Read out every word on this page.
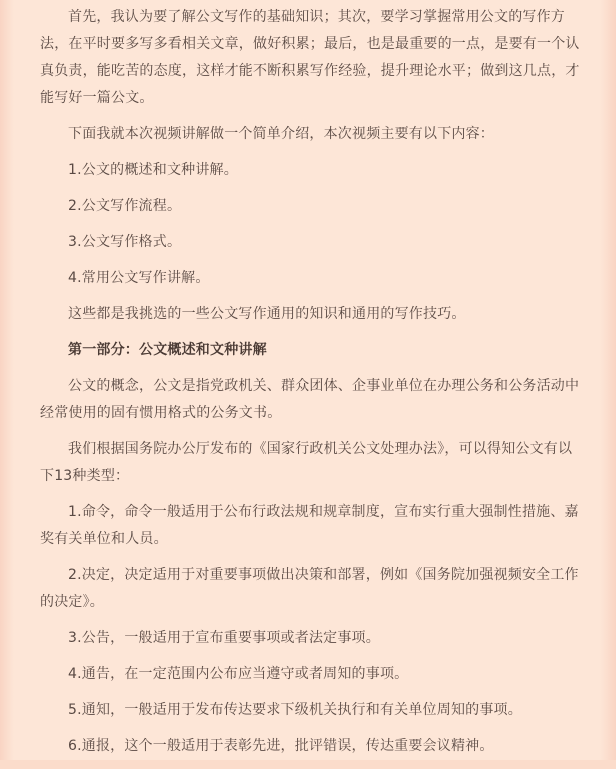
首先，我认为要了解公文写作的基础知识；其次，要学习掌握常用公文的写作方法，在平时要多写多看相关文章，做好积累；最后，也是最重要的一点，是要有一个认真负责，能吃苦的态度，这样才能不断积累写作经验，提升理论水平；做到这几点，才能写好一篇公文。

下面我就本次视频讲解做一个简单介绍，本次视频主要有以下内容：

1.公文的概述和文种讲解。

2.公文写作流程。

3.公文写作格式。

4.常用公文写作讲解。

这些都是我挑选的一些公文写作通用的知识和通用的写作技巧。

第一部分：公文概述和文种讲解

公文的概念，公文是指党政机关、群众团体、企事业单位在办理公务和公务活动中经常使用的固有惯用格式的公务文书。

我们根据国务院办公厅发布的《国家行政机关公文处理办法》，可以得知公文有以下13种类型：

1.命令，命令一般适用于公布行政法规和规章制度，宣布实行重大强制性措施、嘉奖有关单位和人员。

2.决定，决定适用于对重要事项做出决策和部署，例如《国务院加强视频安全工作的决定》。

3.公告，一般适用于宣布重要事项或者法定事项。

4.通告，在一定范围内公布应当遵守或者周知的事项。

5.通知，一般适用于发布传达要求下级机关执行和有关单位周知的事项。

6.通报，这个一般适用于表彰先进，批评错误，传达重要会议精神。
